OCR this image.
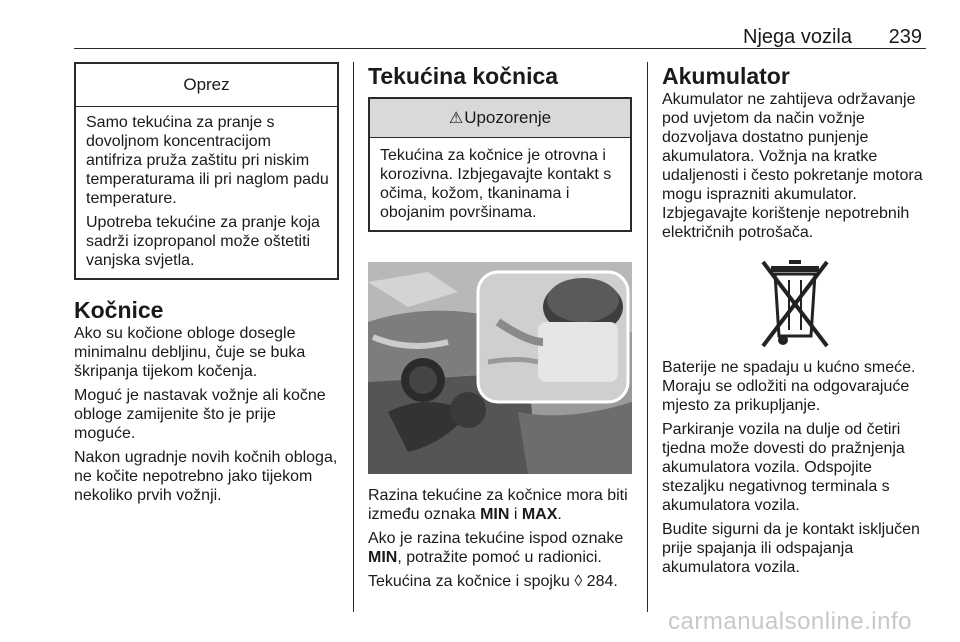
Njega vozila 239
Oprez

Samo tekućina za pranje s dovoljnom koncentracijom antifriza pruža zaštitu pri niskim temperaturama ili pri naglom padu temperature.

Upotreba tekućine za pranje koja sadrži izopropanol može oštetiti vanjska svjetla.

Kočnice

Ako su kočione obloge dosegle minimalnu debljinu, čuje se buka škripanja tijekom kočenja.

Moguć je nastavak vožnje ali kočne obloge zamijenite što je prije moguće.

Nakon ugradnje novih kočnih obloga, ne kočite nepotrebno jako tijekom nekoliko prvih vožnji.

Tekućina kočnica
⚠Upozorenje

Tekućina za kočnice je otrovna i korozivna. Izbjegavajte kontakt s očima, kožom, tkaninama i obojanim površinama.

Razina tekućine za kočnice mora biti između oznaka MIN i MAX.

Ako je razina tekućine ispod oznake MIN, potražite pomoć u radionici.

Tekućina za kočnice i spojku ◊ 284.

Akumulator

Akumulator ne zahtijeva održavanje pod uvjetom da način vožnje dozvoljava dostatno punjenje akumulatora. Vožnja na kratke udaljenosti i često pokretanje motora mogu isprazniti akumulator.

Izbjegavajte korištenje nepotrebnih električnih potrošača.

Baterije ne spadaju u kućno smeće. Moraju se odložiti na odgovarajuće mjesto za prikupljanje.

Parkiranje vozila na dulje od četiri tjedna može dovesti do pražnjenja akumulatora vozila. Odspojite stezaljku negativnog terminala s akumulatora vozila.

Budite sigurni da je kontakt isključen prije spajanja ili odspajanja akumulatora vozila.

carmanualsonline.info
